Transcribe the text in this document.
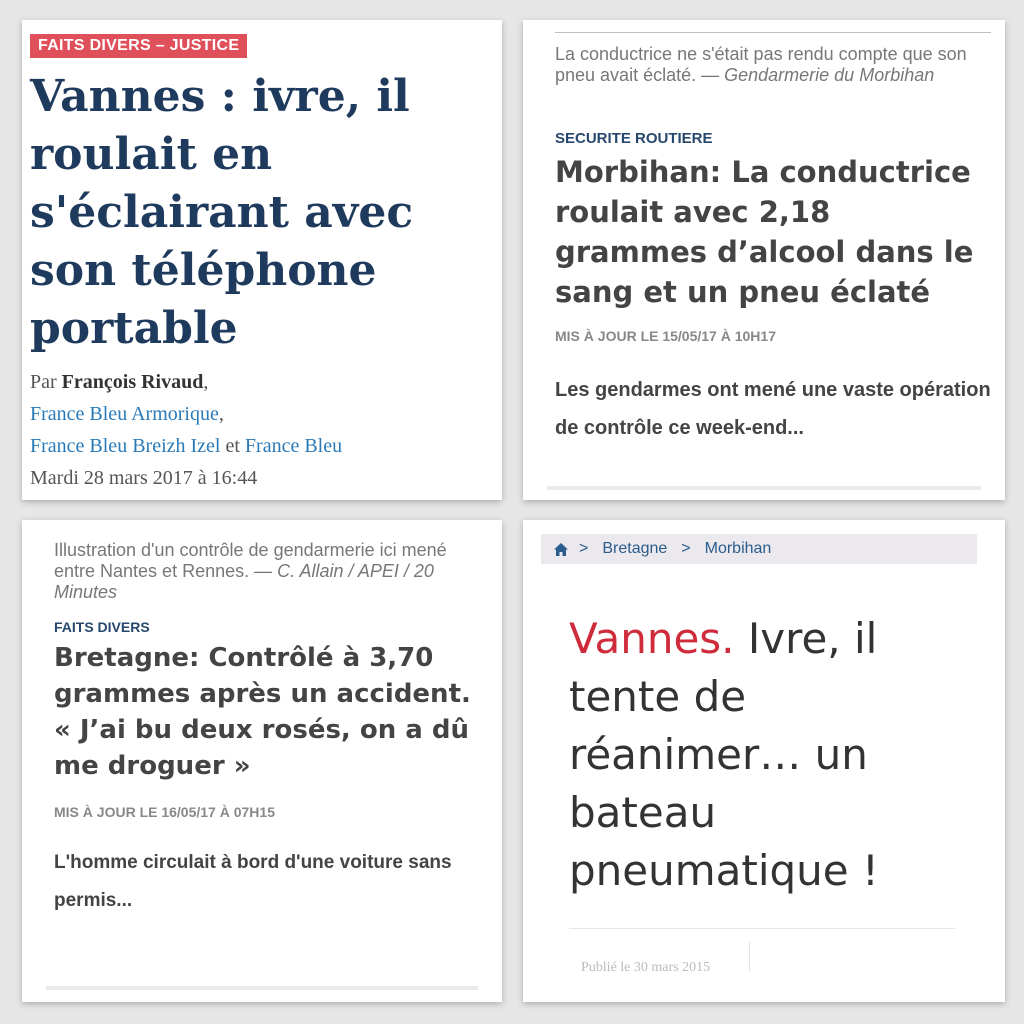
FAITS DIVERS – JUSTICE
Vannes : ivre, il roulait en s'éclairant avec son téléphone portable
Par François Rivaud,
France Bleu Armorique,
France Bleu Breizh Izel et France Bleu
Mardi 28 mars 2017 à 16:44
La conductrice ne s'était pas rendu compte que son pneu avait éclaté. — Gendarmerie du Morbihan
SECURITE ROUTIERE
Morbihan: La conductrice roulait avec 2,18 grammes d’alcool dans le sang et un pneu éclaté
MIS À JOUR LE 15/05/17 À 10H17
Les gendarmes ont mené une vaste opération de contrôle ce week-end...
Illustration d'un contrôle de gendarmerie ici mené entre Nantes et Rennes. — C. Allain / APEI / 20 Minutes
FAITS DIVERS
Bretagne: Contrôlé à 3,70 grammes après un accident. « J’ai bu deux rosés, on a dû me droguer »
MIS À JOUR LE 16/05/17 À 07H15
L'homme circulait à bord d'une voiture sans permis...
> Bretagne > Morbihan
Vannes. Ivre, il tente de réanimer… un bateau pneumatique !
Publié le 30 mars 2015
